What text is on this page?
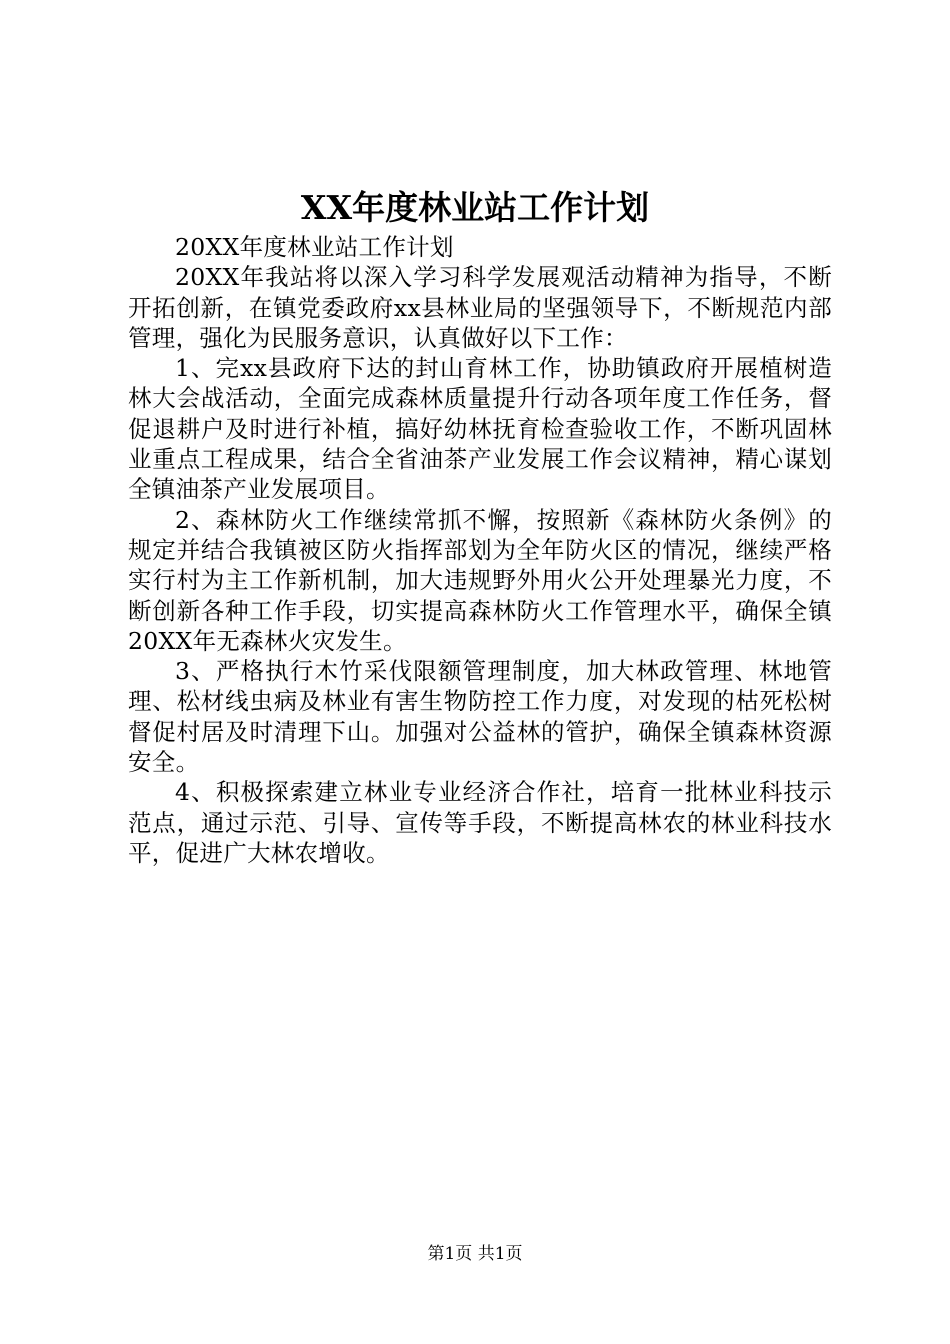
XX年度林业站工作计划

20XX年度林业站工作计划

20XX年我站将以深入学习科学发展观活动精神为指导，不断开拓创新，在镇党委政府xx县林业局的坚强领导下，不断规范内部管理，强化为民服务意识，认真做好以下工作：

1、完xx县政府下达的封山育林工作，协助镇政府开展植树造林大会战活动，全面完成森林质量提升行动各项年度工作任务，督促退耕户及时进行补植，搞好幼林抚育检查验收工作，不断巩固林业重点工程成果，结合全省油茶产业发展工作会议精神，精心谋划全镇油茶产业发展项目。

2、森林防火工作继续常抓不懈，按照新《森林防火条例》的规定并结合我镇被区防火指挥部划为全年防火区的情况，继续严格实行村为主工作新机制，加大违规野外用火公开处理暴光力度，不断创新各种工作手段，切实提高森林防火工作管理水平，确保全镇20XX年无森林火灾发生。

3、严格执行木竹采伐限额管理制度，加大林政管理、林地管理、松材线虫病及林业有害生物防控工作力度，对发现的枯死松树督促村居及时清理下山。加强对公益林的管护，确保全镇森林资源安全。

4、积极探索建立林业专业经济合作社，培育一批林业科技示范点，通过示范、引导、宣传等手段，不断提高林农的林业科技水平，促进广大林农增收。

第1页 共1页
